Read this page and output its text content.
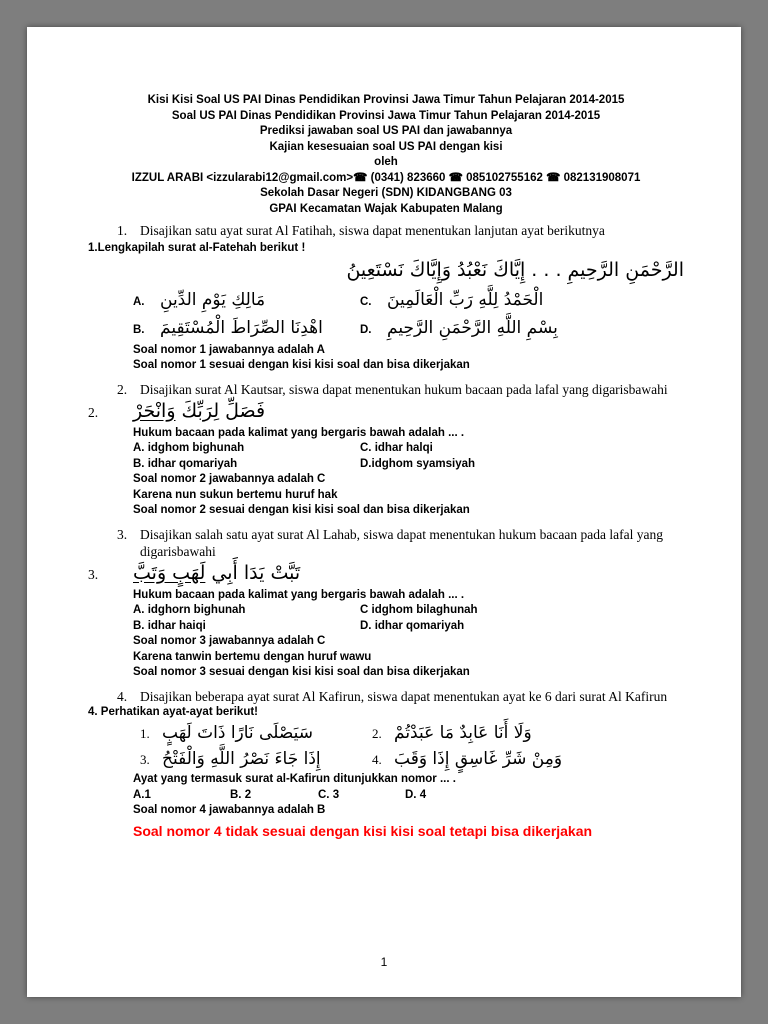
Kisi Kisi Soal US PAI Dinas Pendidikan Provinsi Jawa Timur Tahun Pelajaran 2014-2015
Soal US PAI Dinas Pendidikan Provinsi Jawa Timur Tahun Pelajaran 2014-2015
Prediksi jawaban soal US PAI dan jawabannya
Kajian kesesuaian soal US PAI dengan kisi
oleh
IZZUL ARABI <izzularabi12@gmail.com>☎ (0341) 823660 ☎ 085102755162 ☎ 082131908071
Sekolah Dasar Negeri (SDN) KIDANGBANG 03
GPAI Kecamatan Wajak Kabupaten Malang
1. Disajikan satu ayat surat Al Fatihah, siswa dapat menentukan lanjutan ayat berikutnya
1.Lengkapilah surat al-Fatehah berikut !
الرَّحْمَنِ الرَّحِيمِ . . . إِيَّاكَ نَعْبُدُ وَإِيَّاكَ نَسْتَعِينُ
A. مَالِكِ يَوْمِ الدِّينِ	C. الْحَمْدُ لِلَّهِ رَبِّ الْعَالَمِينَ
B. اهْدِنَا الصِّرَاطَ الْمُسْتَقِيمَ	D. بِسْمِ اللَّهِ الرَّحْمَنِ الرَّحِيمِ
Soal nomor 1 jawabannya adalah A
Soal nomor 1 sesuai dengan kisi kisi soal dan bisa dikerjakan
2. Disajikan surat Al Kautsar, siswa dapat menentukan hukum bacaan pada lafal yang digarisbawahi
2.	فَصَلِّ لِرَبِّكَ وَانْحَرْ
Hukum bacaan pada kalimat yang bergaris bawah adalah ... .
A. idghom bighunah	C. idhar halqi
B. idhar qomariyah	D.idghom syamsiyah
Soal nomor 2 jawabannya adalah C
Karena nun sukun bertemu huruf hak
Soal nomor 2 sesuai dengan kisi kisi soal dan bisa dikerjakan
3. Disajikan salah satu ayat surat Al Lahab, siswa dapat menentukan hukum bacaan pada lafal yang digarisbawahi
3.	تَبَّتْ يَدَا أَبِي لَهَبٍ وَتَبَّ
Hukum bacaan pada kalimat yang bergaris bawah adalah ... .
A. idghorn bighunah	C idghom bilaghunah
B. idhar haiqi	D. idhar qomariyah
Soal nomor 3 jawabannya adalah C
Karena tanwin bertemu dengan huruf wawu
Soal nomor 3 sesuai dengan kisi kisi soal dan bisa dikerjakan
4. Disajikan beberapa ayat surat Al Kafirun, siswa dapat menentukan ayat ke 6 dari surat Al Kafirun
4. Perhatikan ayat-ayat berikut!
1. سَيَصْلَى نَارًا ذَاتَ لَهَبٍ	2. وَلَا أَنَا عَابِدٌ مَا عَبَدْتُمْ
3. إِذَا جَاءَ نَصْرُ اللَّهِ وَالْفَتْحُ	4. وَمِنْ شَرِّ غَاسِقٍ إِذَا وَقَبَ
Ayat yang termasuk surat al-Kafirun ditunjukkan nomor ... .
A.1	B. 2	C. 3	D. 4
Soal nomor 4 jawabannya adalah B
Soal nomor 4 tidak sesuai dengan kisi kisi soal tetapi bisa dikerjakan
1
